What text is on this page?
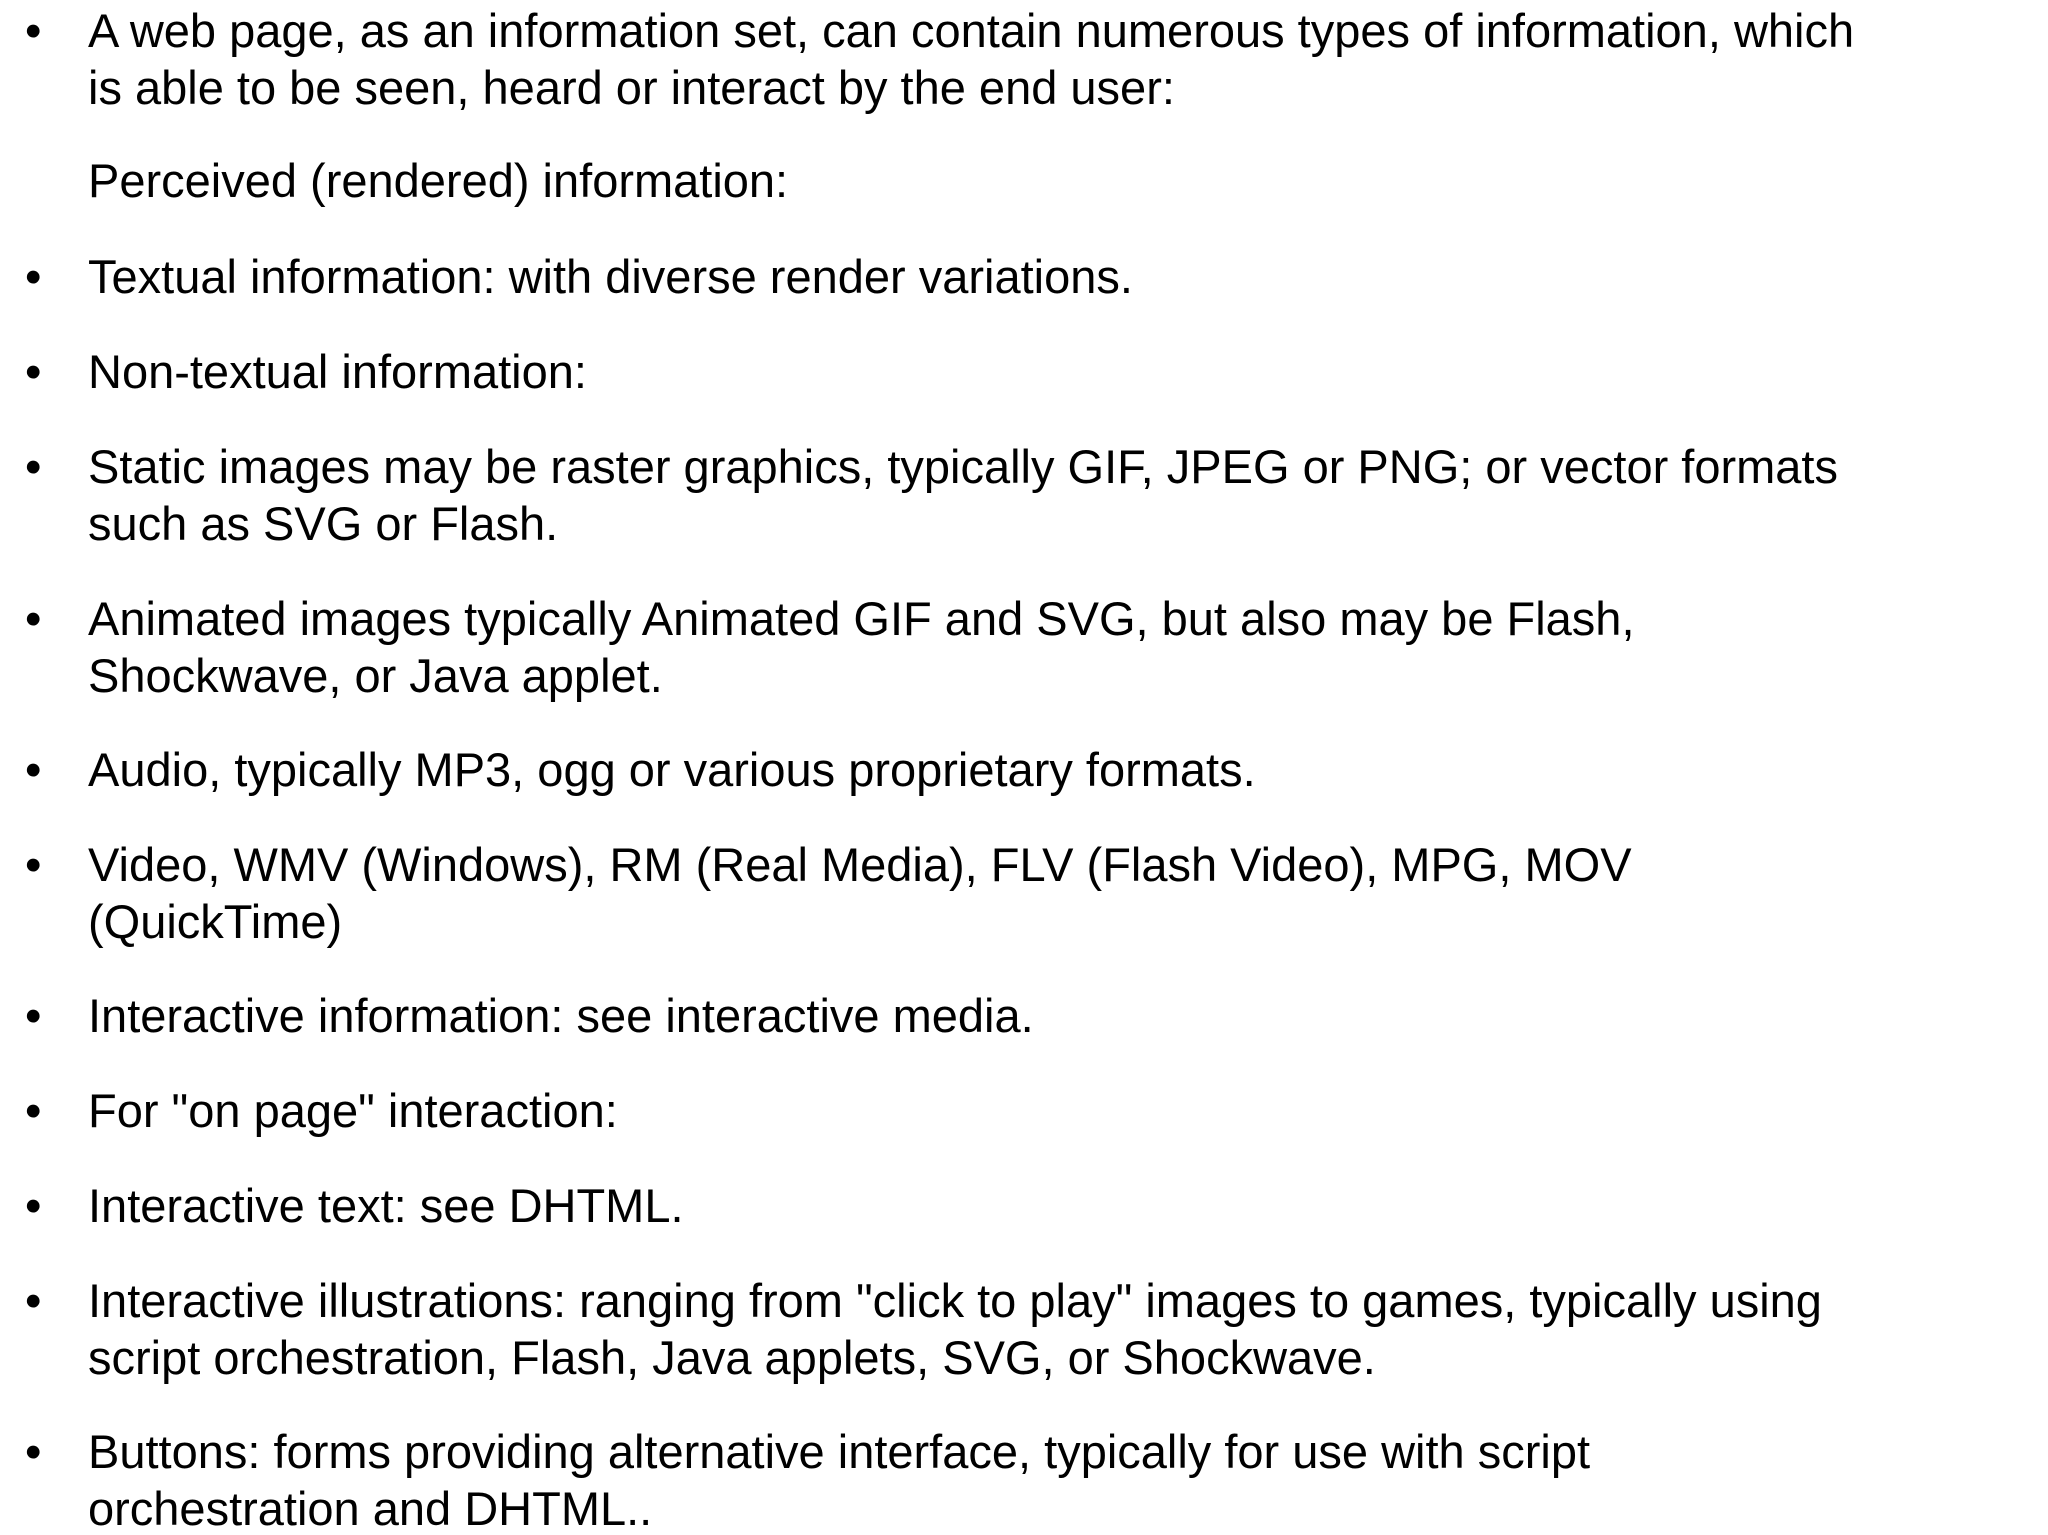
• A web page, as an information set, can contain numerous types of information, which
is able to be seen, heard or interact by the end user:
Perceived (rendered) information:
• Textual information: with diverse render variations.
• Non-textual information:
• Static images may be raster graphics, typically GIF, JPEG or PNG; or vector formats
such as SVG or Flash.
• Animated images typically Animated GIF and SVG, but also may be Flash,
Shockwave, or Java applet.
• Audio, typically MP3, ogg or various proprietary formats.
• Video, WMV (Windows), RM (Real Media), FLV (Flash Video), MPG, MOV
(QuickTime)
• Interactive information: see interactive media.
• For "on page" interaction:
• Interactive text: see DHTML.
• Interactive illustrations: ranging from "click to play" images to games, typically using
script orchestration, Flash, Java applets, SVG, or Shockwave.
• Buttons: forms providing alternative interface, typically for use with script
orchestration and DHTML..
